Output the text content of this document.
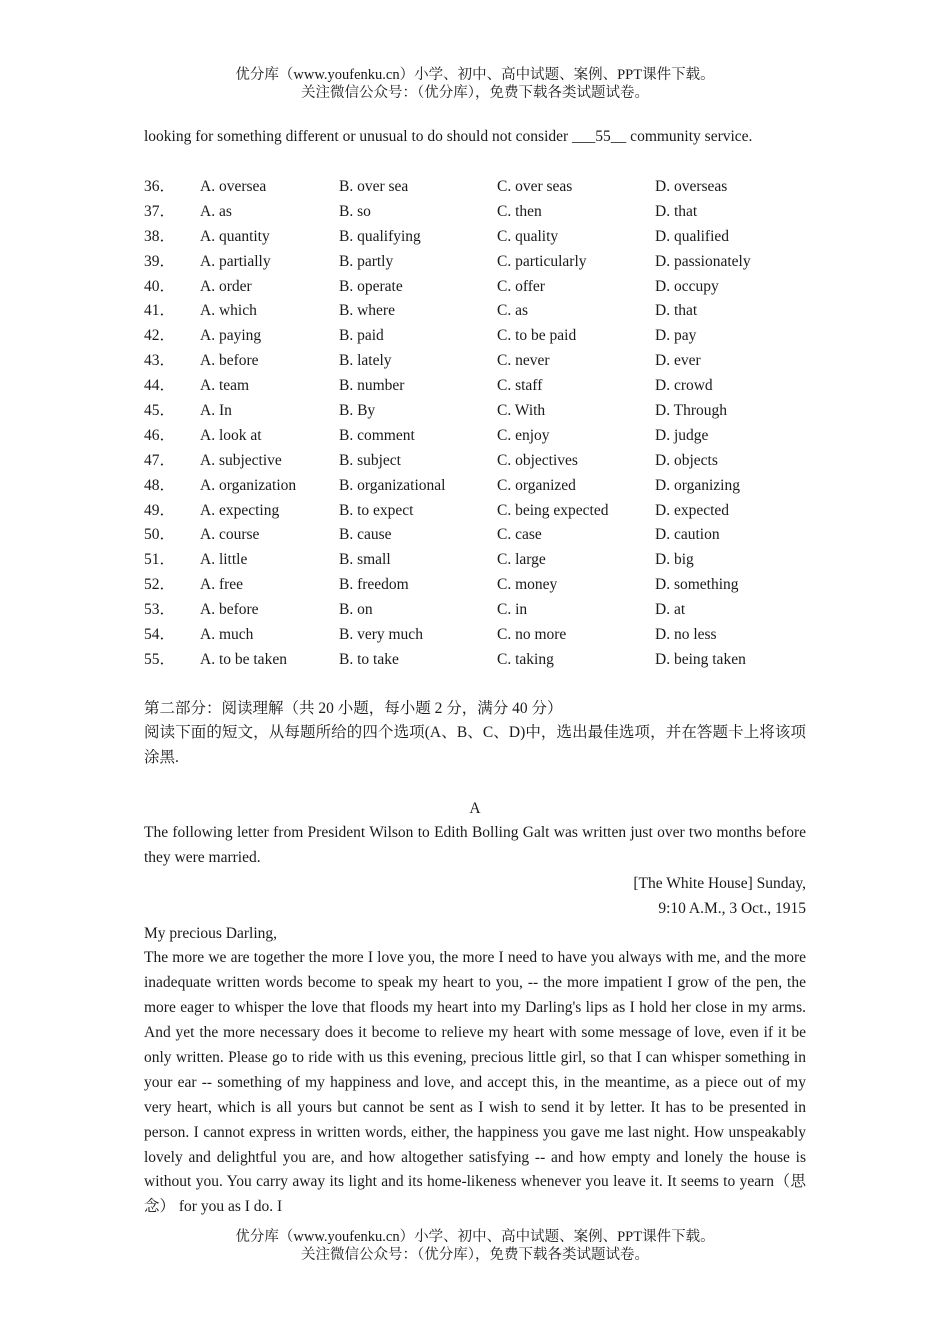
优分库（www.youfenku.cn）小学、初中、高中试题、案例、PPT课件下载。
关注微信公众号：（优分库），免费下载各类试题试卷。
looking for something different or unusual to do should not consider ___55__ community service.
36． A. oversea	B. over sea	C. over seas	D. overseas
37． A. as	B. so	C. then	D. that
38． A. quantity	B. qualifying	C. quality	D. qualified
39． A. partially	B. partly	C. particularly	D. passionately
40． A. order	B. operate	C. offer	D. occupy
41． A. which	B. where	C. as	D. that
42． A. paying	B. paid	C. to be paid	D. pay
43． A. before	B. lately	C. never	D. ever
44． A. team	B. number	C. staff	D. crowd
45． A. In	B. By	C. With	D. Through
46． A. look at	B. comment	C. enjoy	D. judge
47． A. subjective	B. subject	C. objectives	D. objects
48． A. organization	B. organizational	C. organized	D. organizing
49． A. expecting	B. to expect	C. being expected	D. expected
50． A. course	B. cause	C. case	D. caution
51． A. little	B. small	C. large	D. big
52． A. free	B. freedom	C. money	D. something
53． A. before	B. on	C. in	D. at
54． A. much	B. very much	C. no more	D. no less
55． A. to be taken	B. to take	C. taking	D. being taken
第二部分：阅读理解（共 20 小题，每小题 2 分，满分 40 分）
阅读下面的短文，从每题所给的四个选项(A、B、C、D)中，选出最佳选项，并在答题卡上将该项涂黑.
A
The following letter from President Wilson to Edith Bolling Galt was written just over two months before they were married.
[The White House] Sunday,
9:10 A.M., 3 Oct., 1915
My precious Darling,
The more we are together the more I love you, the more I need to have you always with me, and the more inadequate written words become to speak my heart to you, -- the more impatient I grow of the pen, the more eager to whisper the love that floods my heart into my Darling's lips as I hold her close in my arms. And yet the more necessary does it become to relieve my heart with some message of love, even if it be only written. Please go to ride with us this evening, precious little girl, so that I can whisper something in your ear -- something of my happiness and love, and accept this, in the meantime, as a piece out of my very heart, which is all yours but cannot be sent as I wish to send it by letter. It has to be presented in person. I cannot express in written words, either, the happiness you gave me last night. How unspeakably lovely and delightful you are, and how altogether satisfying -- and how empty and lonely the house is without you. You carry away its light and its home-likeness whenever you leave it. It seems to yearn（思念） for you as I do. I
优分库（www.youfenku.cn）小学、初中、高中试题、案例、PPT课件下载。
关注微信公众号：（优分库），免费下载各类试题试卷。
